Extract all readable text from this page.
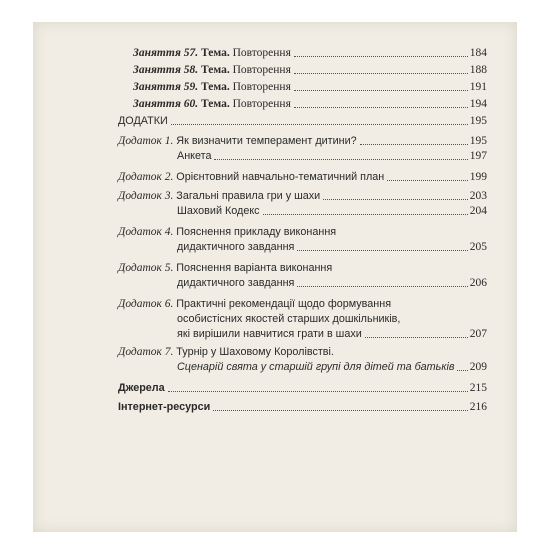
Заняття 57.
Тема.
Повторення	184
Заняття 58.
Тема.
Повторення	188
Заняття 59.
Тема.
Повторення	191
Заняття 60.
Тема.
Повторення	194
ДОДАТКИ	195
Додаток 1.
Як визначити темперамент дитини?	195
Анкета	197
Додаток 2.
Орієнтовний навчально-тематичний план	199
Додаток 3.
Загальні правила гри у шахи	203
Шаховий Кодекс	204
Додаток 4.
Пояснення прикладу виконання
дидактичного завдання	205
Додаток 5.
Пояснення варіанта виконання
дидактичного завдання	206
Додаток 6.
Практичні рекомендації щодо формування
особистісних якостей старших дошкільників,
які вирішили навчитися грати в шахи	207
Додаток 7.
Турнір у Шаховому Королівстві.
Сценарій свята у старшій групі для дітей та батьків 209
Джерела	215
Інтернет-ресурси	216
